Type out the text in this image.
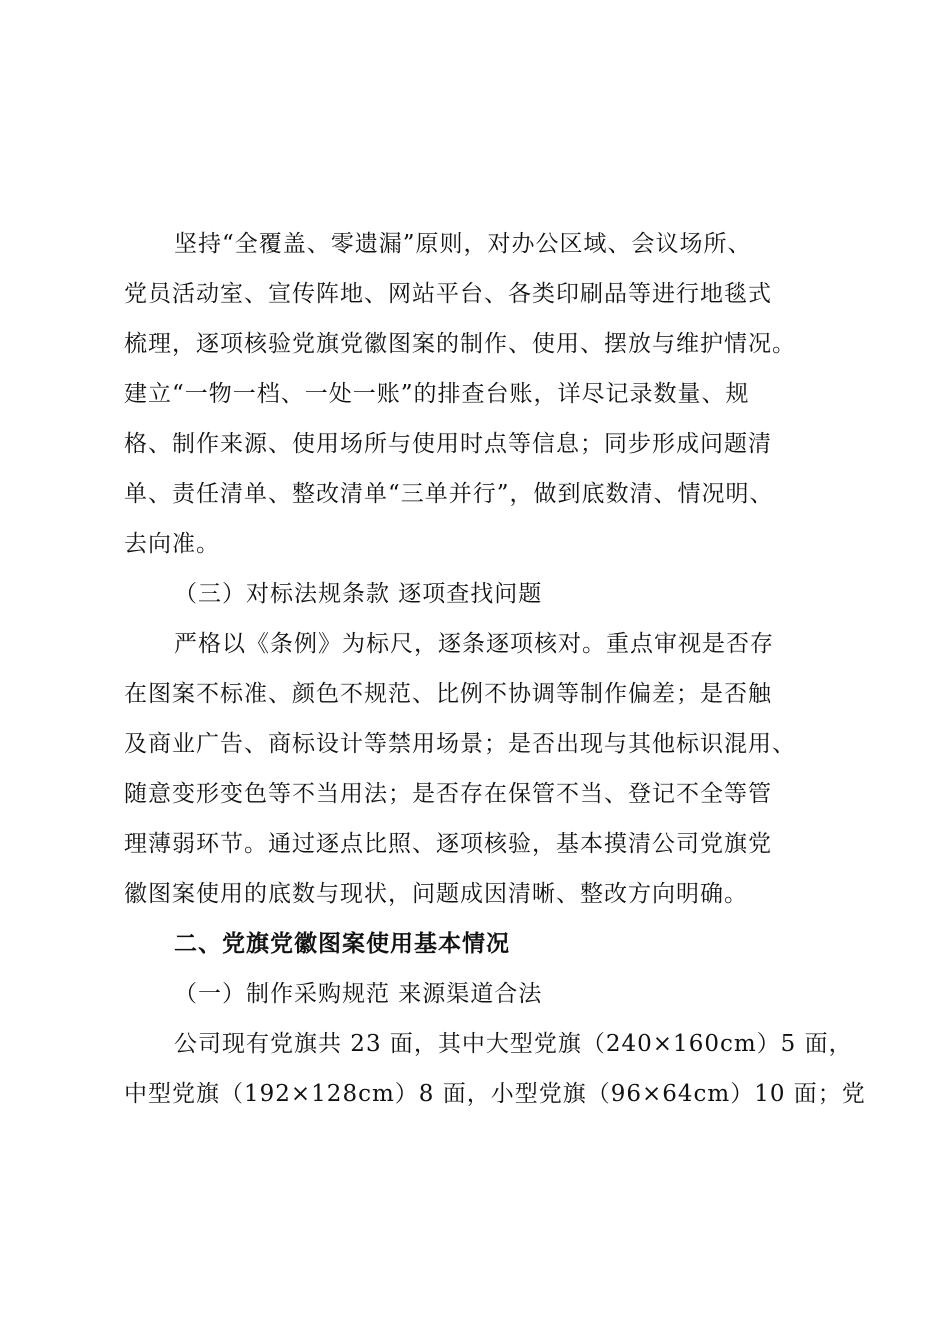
坚持“全覆盖、零遗漏”原则，对办公区域、会议场所、
党员活动室、宣传阵地、网站平台、各类印刷品等进行地毯式
梳理，逐项核验党旗党徽图案的制作、使用、摆放与维护情况。
建立“一物一档、一处一账”的排查台账，详尽记录数量、规
格、制作来源、使用场所与使用时点等信息；同步形成问题清
单、责任清单、整改清单“三单并行”，做到底数清、情况明、
去向准。
（三）对标法规条款 逐项查找问题
严格以《条例》为标尺，逐条逐项核对。重点审视是否存
在图案不标准、颜色不规范、比例不协调等制作偏差；是否触
及商业广告、商标设计等禁用场景；是否出现与其他标识混用、
随意变形变色等不当用法；是否存在保管不当、登记不全等管
理薄弱环节。通过逐点比照、逐项核验，基本摸清公司党旗党
徽图案使用的底数与现状，问题成因清晰、整改方向明确。
二、党旗党徽图案使用基本情况
（一）制作采购规范 来源渠道合法
公司现有党旗共 23 面，其中大型党旗（240×160cm）5 面，
中型党旗（192×128cm）8 面，小型党旗（96×64cm）10 面；党
